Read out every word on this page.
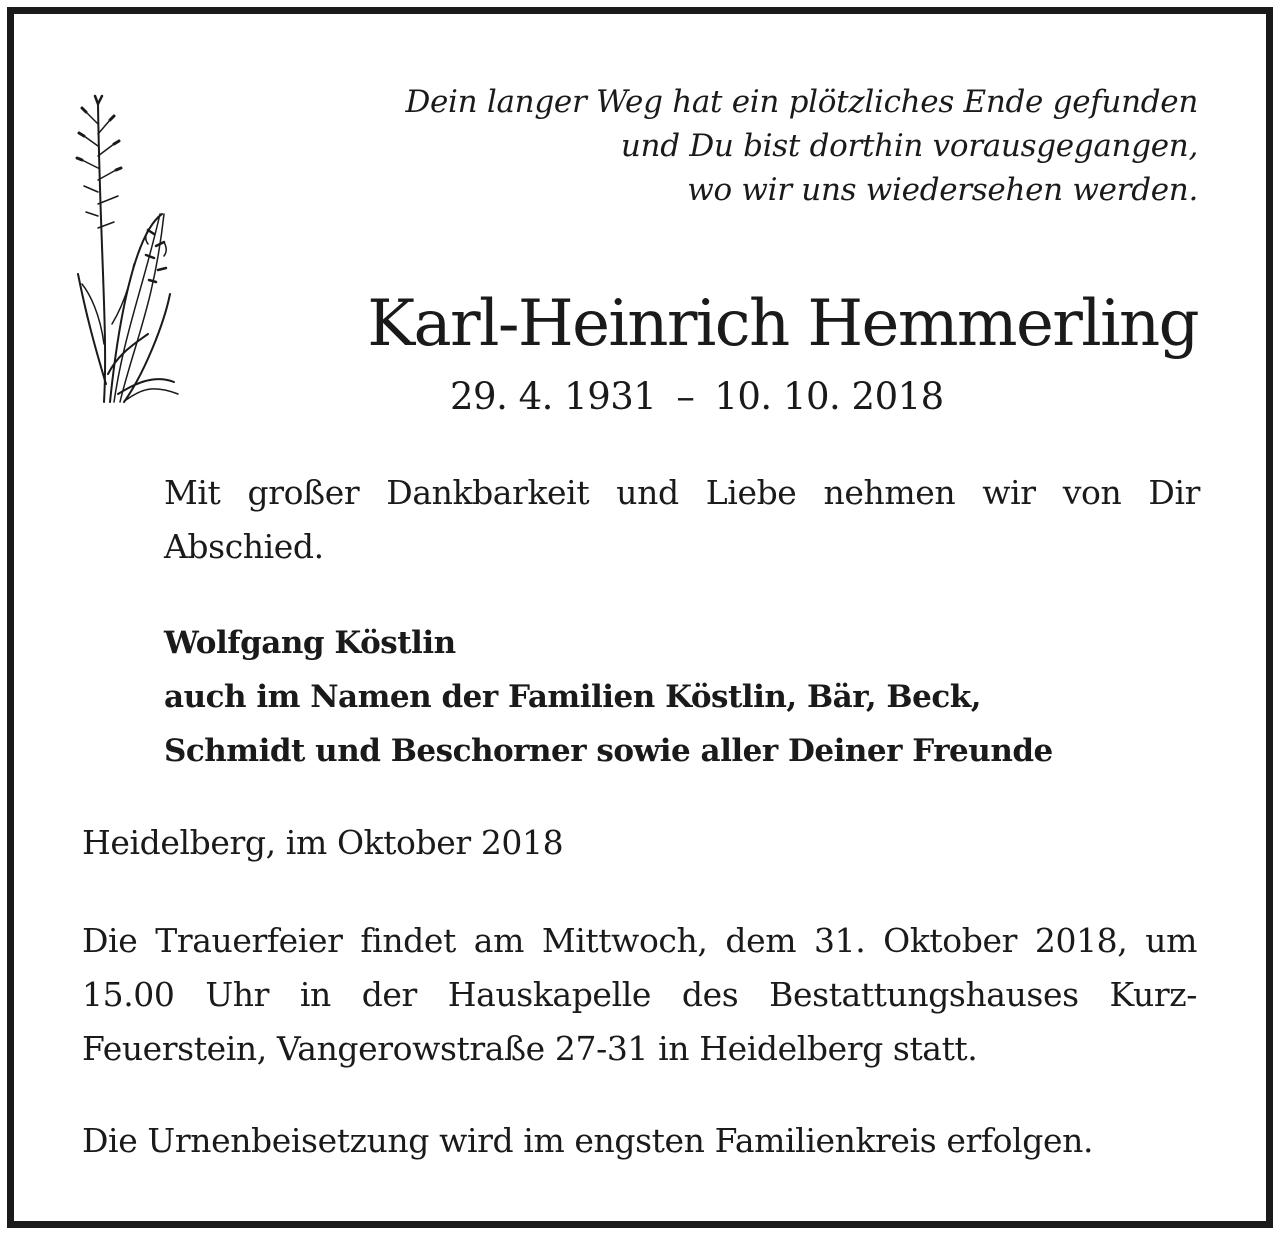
Dein langer Weg hat ein plötzliches Ende gefunden
und Du bist dorthin vorausgegangen,
wo wir uns wiedersehen werden.
Karl-Heinrich Hemmerling
29. 4. 1931 – 10. 10. 2018
Mit großer Dankbarkeit und Liebe nehmen wir von Dir Abschied.
Wolfgang Köstlin
auch im Namen der Familien Köstlin, Bär, Beck,
Schmidt und Beschorner sowie aller Deiner Freunde
Heidelberg, im Oktober 2018
Die Trauerfeier findet am Mittwoch, dem 31. Oktober 2018, um 15.00 Uhr in der Hauskapelle des Bestattungshauses Kurz-Feuerstein, Vangerowstraße 27-31 in Heidelberg statt.
Die Urnenbeisetzung wird im engsten Familienkreis erfolgen.
